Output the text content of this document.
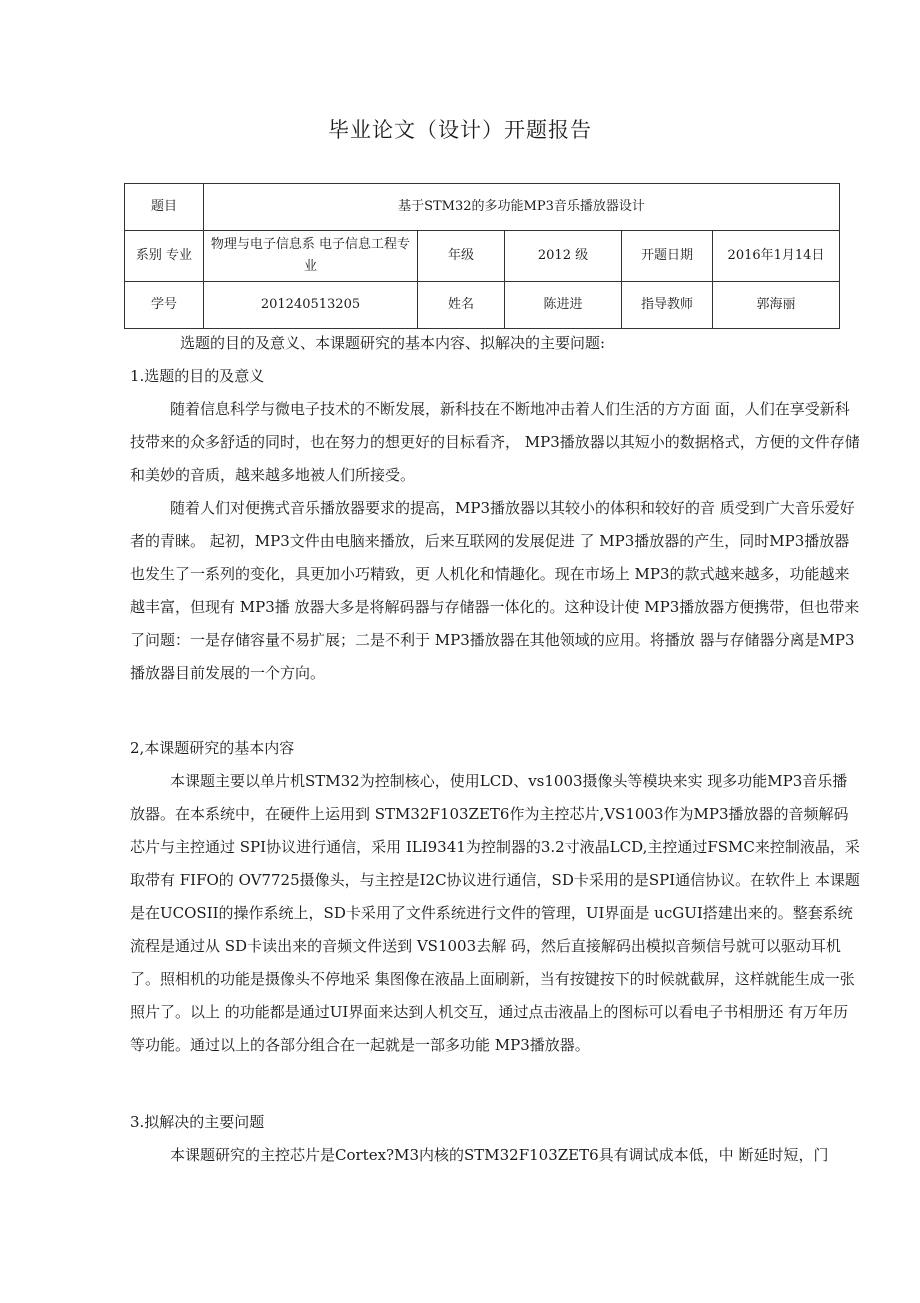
毕业论文（设计）开题报告
题目	基于STM32的多功能MP3音乐播放器设计				
系别 专业	物理与电子信息系 电子信息工程专业	年级	2012 级	开题日期	2016年1月14日
学号	201240513205	姓名	陈进进	指导教师	郭海丽
选题的目的及意义、本课题研究的基本内容、拟解决的主要问题:

1.选题的目的及意义

随着信息科学与微电子技术的不断发展，新科技在不断地冲击着人们生活的方方面 面，人们在享受新科技带来的众多舒适的同时，也在努力的想更好的目标看齐， MP3播放器以其短小的数据格式，方便的文件存储和美妙的音质，越来越多地被人们所接受。

随着人们对便携式音乐播放器要求的提高，MP3播放器以其较小的体积和较好的音 质受到广大音乐爱好者的青睐。 起初，MP3文件由电脑来播放，后来互联网的发展促进 了 MP3播放器的产生，同时MP3播放器也发生了一系列的变化，具更加小巧精致，更 人机化和情趣化。现在市场上 MP3的款式越来越多，功能越来越丰富，但现有 MP3播 放器大多是将解码器与存储器一体化的。这种设计使 MP3播放器方便携带，但也带来了问题：一是存储容量不易扩展；二是不利于 MP3播放器在其他领域的应用。将播放 器与存储器分离是MP3播放器目前发展的一个方向。

2,本课题研究的基本内容

本课题主要以单片机STM32为控制核心，使用LCD、vs1003摄像头等模块来实 现多功能MP3音乐播放器。在本系统中，在硬件上运用到 STM32F103ZET6作为主控芯片,VS1003作为MP3播放器的音频解码芯片与主控通过 SPI协议进行通信，采用 ILI9341为控制器的3.2寸液晶LCD,主控通过FSMC来控制液晶，采取带有 FIFO的 OV7725摄像头，与主控是I2C协议进行通信，SD卡采用的是SPI通信协议。在软件上 本课题是在UCOSII的操作系统上，SD卡采用了文件系统进行文件的管理，UI界面是 ucGUI搭建出来的。整套系统流程是通过从 SD卡读出来的音频文件送到 VS1003去解 码，然后直接解码出模拟音频信号就可以驱动耳机了。照相机的功能是摄像头不停地采 集图像在液晶上面刷新，当有按键按下的时候就截屏，这样就能生成一张照片了。以上 的功能都是通过UI界面来达到人机交互，通过点击液晶上的图标可以看电子书相册还 有万年历等功能。通过以上的各部分组合在一起就是一部多功能 MP3播放器。

3.拟解决的主要问题

本课题研究的主控芯片是Cortex?M3内核的STM32F103ZET6具有调试成本低，中 断延时短，门
